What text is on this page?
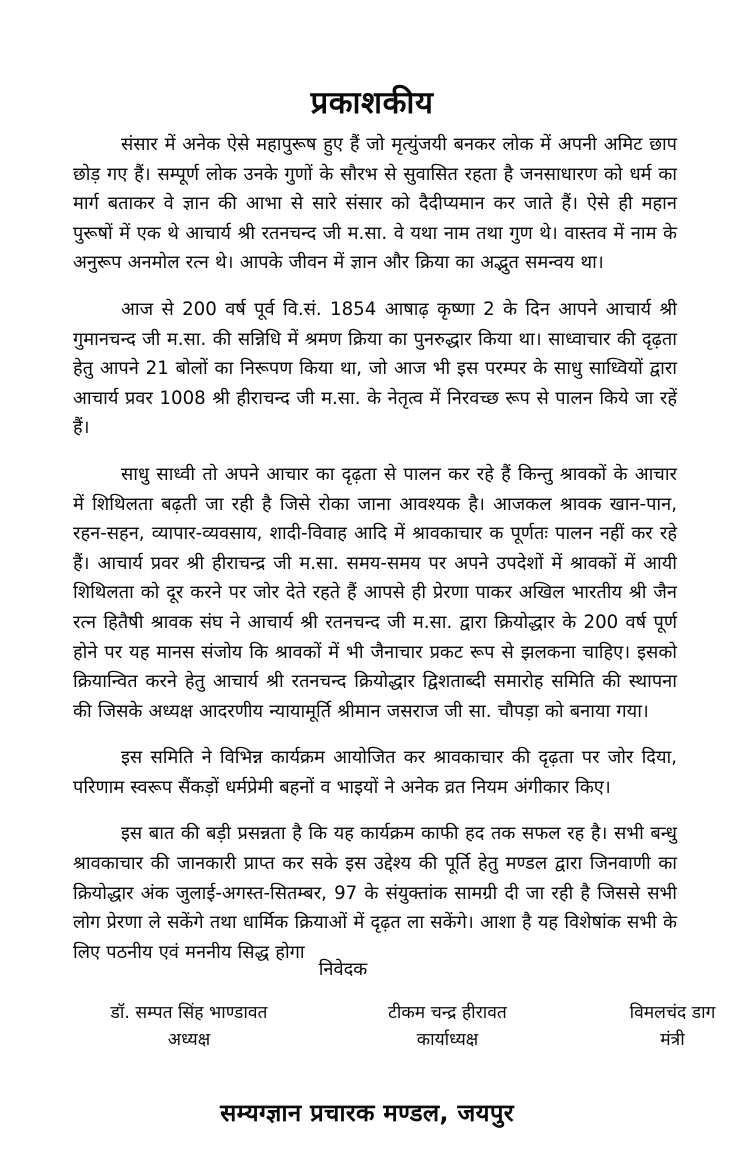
प्रकाशकीय

संसार में अनेक ऐसे महापुरूष हुए हैं जो मृत्युंजयी बनकर लोक में अपनी अमिट छाप छोड़ गए हैं। सम्पूर्ण लोक उनके गुणों के सौरभ से सुवासित रहता है जनसाधारण को धर्म का मार्ग बताकर वे ज्ञान की आभा से सारे संसार को दैदीप्यमान कर जाते हैं। ऐसे ही महान पुरूषों में एक थे आचार्य श्री रतनचन्द जी म.सा. वे यथा नाम तथा गुण थे। वास्तव में नाम के अनुरूप अनमोल रत्न थे। आपके जीवन में ज्ञान और क्रिया का अद्भुत समन्वय था।

आज से 200 वर्ष पूर्व वि.सं. 1854 आषाढ़ कृष्णा 2 के दिन आपने आचार्य श्री गुमानचन्द जी म.सा. की सन्निधि में श्रमण क्रिया का पुनरुद्धार किया था। साध्वाचार की दृढ़ता हेतु आपने 21 बोलों का निरूपण किया था, जो आज भी इस परम्पर के साधु साध्वियों द्वारा आचार्य प्रवर 1008 श्री हीराचन्द जी म.सा. के नेतृत्व में निरवच्छ रूप से पालन किये जा रहें हैं।

साधु साध्वी तो अपने आचार का दृढ़ता से पालन कर रहे हैं किन्तु श्रावकों के आचार में शिथिलता बढ़ती जा रही है जिसे रोका जाना आवश्यक है। आजकल श्रावक खान-पान, रहन-सहन, व्यापार-व्यवसाय, शादी-विवाह आदि में श्रावकाचार क पूर्णतः पालन नहीं कर रहे हैं। आचार्य प्रवर श्री हीराचन्द्र जी म.सा. समय-समय पर अपने उपदेशों में श्रावकों में आयी शिथिलता को दूर करने पर जोर देते रहते हैं आपसे ही प्रेरणा पाकर अखिल भारतीय श्री जैन रत्न हितैषी श्रावक संघ ने आचार्य श्री रतनचन्द जी म.सा. द्वारा क्रियोद्धार के 200 वर्ष पूर्ण होने पर यह मानस संजोय कि श्रावकों में भी जैनाचार प्रकट रूप से झलकना चाहिए। इसको क्रियान्वित करने हेतु आचार्य श्री रतनचन्द क्रियोद्धार द्विशताब्दी समारोह समिति की स्थापना की जिसके अध्यक्ष आदरणीय न्यायामूर्ति श्रीमान जसराज जी सा. चौपड़ा को बनाया गया।

इस समिति ने विभिन्न कार्यक्रम आयोजित कर श्रावकाचार की दृढ़ता पर जोर दिया, परिणाम स्वरूप सैंकड़ों धर्मप्रेमी बहनों व भाइयों ने अनेक व्रत नियम अंगीकार किए।

इस बात की बड़ी प्रसन्नता है कि यह कार्यक्रम काफी हद तक सफल रह है। सभी बन्धु श्रावकाचार की जानकारी प्राप्त कर सके इस उद्देश्य की पूर्ति हेतु मण्डल द्वारा जिनवाणी का क्रियोद्धार अंक जुलाई-अगस्त-सितम्बर, 97 के संयुक्तांक सामग्री दी जा रही है जिससे सभी लोग प्रेरणा ले सकेंगे तथा धार्मिक क्रियाओं में दृढ़त ला सकेंगे। आशा है यह विशेषांक सभी के लिए पठनीय एवं मननीय सिद्ध होगा

निवेदक
डॉ. सम्पत सिंह भाण्डावत
अध्यक्ष
टीकम चन्द्र हीरावत
कार्याध्यक्ष
विमलचंद डाग
मंत्री
सम्यग्ज्ञान प्रचारक मण्डल, जयपुर
